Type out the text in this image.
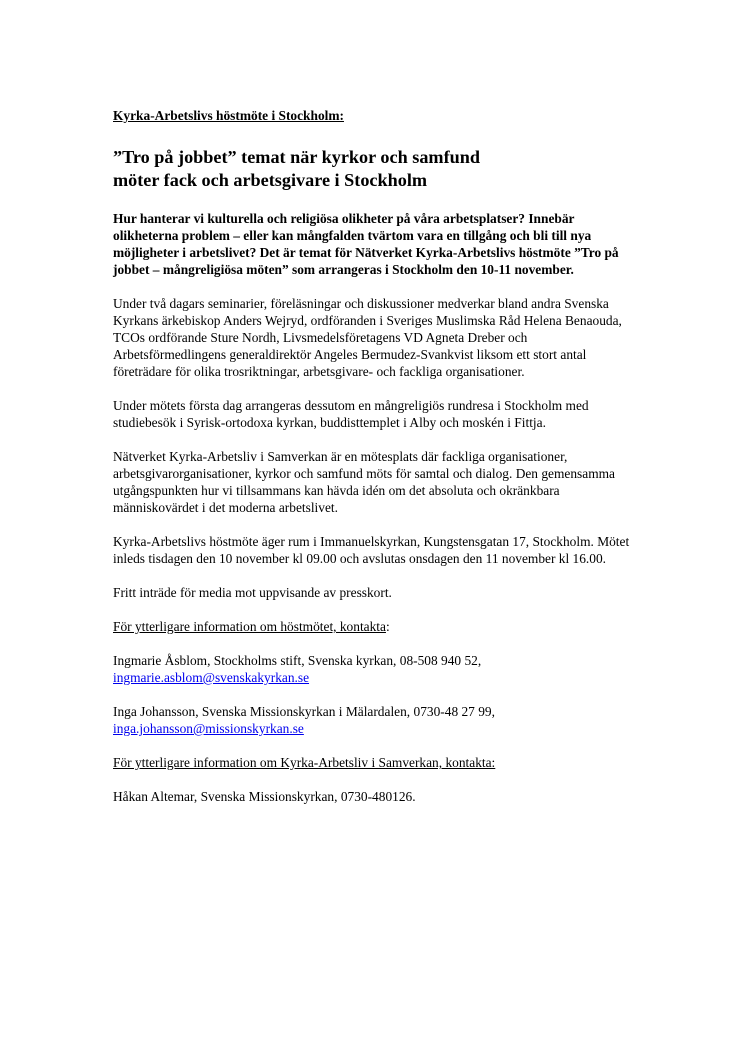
Kyrka-Arbetslivs höstmöte i Stockholm:
”Tro på jobbet” temat när kyrkor och samfund
möter fack och arbetsgivare i Stockholm
Hur hanterar vi kulturella och religiösa olikheter på våra arbetsplatser? Innebär olikheterna problem – eller kan mångfalden tvärtom vara en tillgång och bli till nya möjligheter i arbetslivet? Det är temat för Nätverket Kyrka-Arbetslivs höstmöte ”Tro på jobbet – mångreligiösa möten” som arrangeras i Stockholm den 10-11 november.

Under två dagars seminarier, föreläsningar och diskussioner medverkar bland andra Svenska Kyrkans ärkebiskop Anders Wejryd, ordföranden i Sveriges Muslimska Råd Helena Benaouda, TCOs ordförande Sture Nordh, Livsmedelsföretagens VD Agneta Dreber och Arbetsförmedlingens generaldirektör Angeles Bermudez-Svankvist liksom ett stort antal företrädare för olika trosriktningar, arbetsgivare- och fackliga organisationer.

Under mötets första dag arrangeras dessutom en mångreligiös rundresa i Stockholm med studiebesök i Syrisk-ortodoxa kyrkan, buddisttemplet i Alby och moskén i Fittja.

Nätverket Kyrka-Arbetsliv i Samverkan är en mötesplats där fackliga organisationer, arbetsgivarorganisationer, kyrkor och samfund möts för samtal och dialog. Den gemensamma utgångspunkten hur vi tillsammans kan hävda idén om det absoluta och okränkbara människovärdet i det moderna arbetslivet.

Kyrka-Arbetslivs höstmöte äger rum i Immanuelskyrkan, Kungstensgatan 17, Stockholm. Mötet inleds tisdagen den 10 november kl 09.00 och avslutas onsdagen den 11 november kl 16.00.

Fritt inträde för media mot uppvisande av presskort.

För ytterligare information om höstmötet, kontakta:

Ingmarie Åsblom, Stockholms stift, Svenska kyrkan, 08-508 940 52,
ingmarie.asblom@svenskakyrkan.se

Inga Johansson, Svenska Missionskyrkan i Mälardalen, 0730-48 27 99,
inga.johansson@missionskyrkan.se

För ytterligare information om Kyrka-Arbetsliv i Samverkan, kontakta:

Håkan Altemar, Svenska Missionskyrkan, 0730-480126.
